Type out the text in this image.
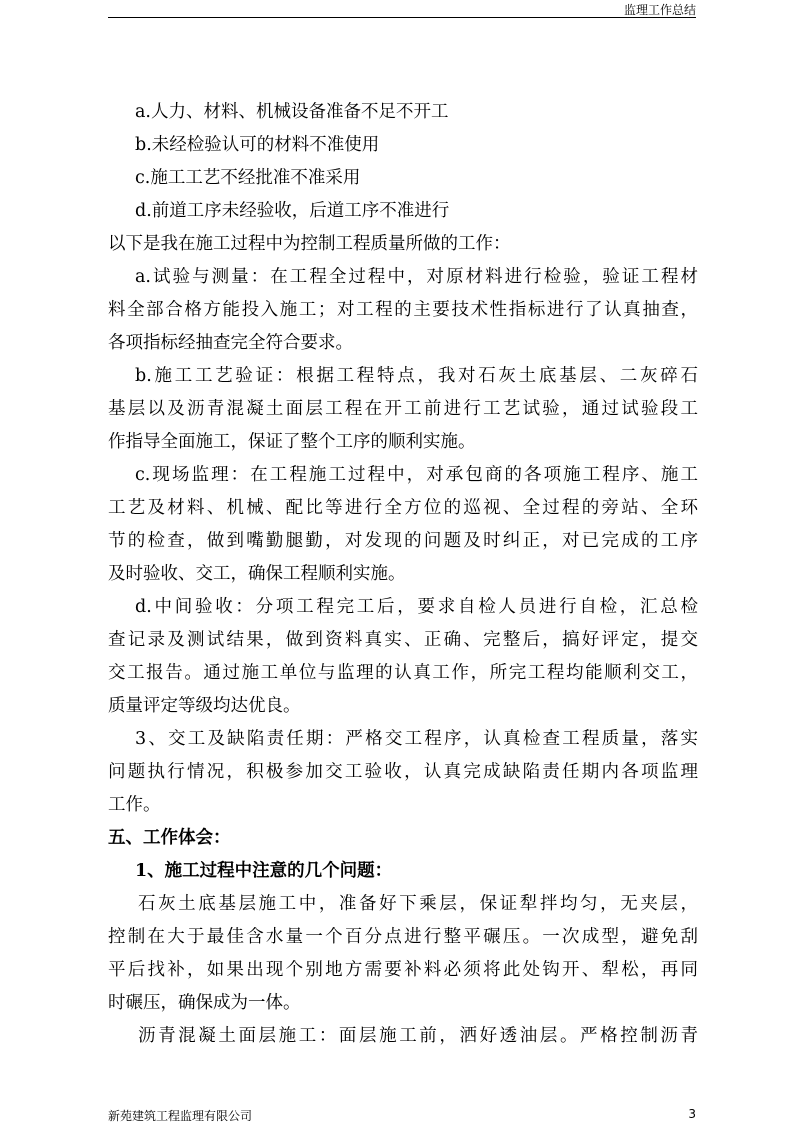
监理工作总结
a.人力、材料、机械设备准备不足不开工
b.未经检验认可的材料不准使用
c.施工工艺不经批准不准采用
d.前道工序未经验收，后道工序不准进行
以下是我在施工过程中为控制工程质量所做的工作：
a.试验与测量：在工程全过程中，对原材料进行检验，验证工程材
料全部合格方能投入施工；对工程的主要技术性指标进行了认真抽查，
各项指标经抽查完全符合要求。
b.施工工艺验证：根据工程特点，我对石灰土底基层、二灰碎石
基层以及沥青混凝土面层工程在开工前进行工艺试验，通过试验段工
作指导全面施工，保证了整个工序的顺利实施。
c.现场监理：在工程施工过程中，对承包商的各项施工程序、施工
工艺及材料、机械、配比等进行全方位的巡视、全过程的旁站、全环
节的检查，做到嘴勤腿勤，对发现的问题及时纠正，对已完成的工序
及时验收、交工，确保工程顺利实施。
d.中间验收：分项工程完工后，要求自检人员进行自检，汇总检
查记录及测试结果，做到资料真实、正确、完整后，搞好评定，提交
交工报告。通过施工单位与监理的认真工作，所完工程均能顺利交工，
质量评定等级均达优良。
3、交工及缺陷责任期：严格交工程序，认真检查工程质量，落实
问题执行情况，积极参加交工验收，认真完成缺陷责任期内各项监理
工作。
五、工作体会：
1、施工过程中注意的几个问题：
石灰土底基层施工中，准备好下乘层，保证犁拌均匀，无夹层，
控制在大于最佳含水量一个百分点进行整平碾压。一次成型，避免刮
平后找补，如果出现个别地方需要补料必须将此处钩开、犁松，再同
时碾压，确保成为一体。
沥青混凝土面层施工：面层施工前，洒好透油层。严格控制沥青
新苑建筑工程监理有限公司	3
